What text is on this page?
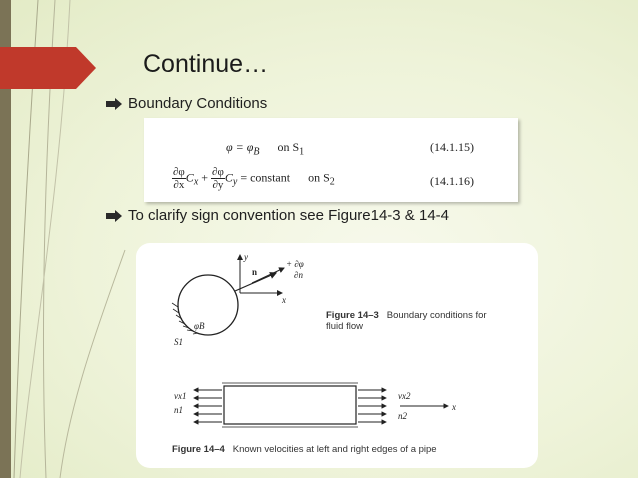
Continue…
Boundary Conditions
$\varphi = \varphi_B$ on $S_1$	(14.1.15)
$\frac{\partial\varphi}{\partial x} C_x + \frac{\partial\varphi}{\partial y} C_y$ = constant on $S_2$	(14.1.16)
To clarify sign convention see Figure14-3 & 14-4
y
x
n
+ ∂φ
∂n
φB
S1
vx1
n1
vx2
n2
x
Figure 14–3 Boundary conditions for
fluid flow
Figure 14–4 Known velocities at left and right edges of a pipe
